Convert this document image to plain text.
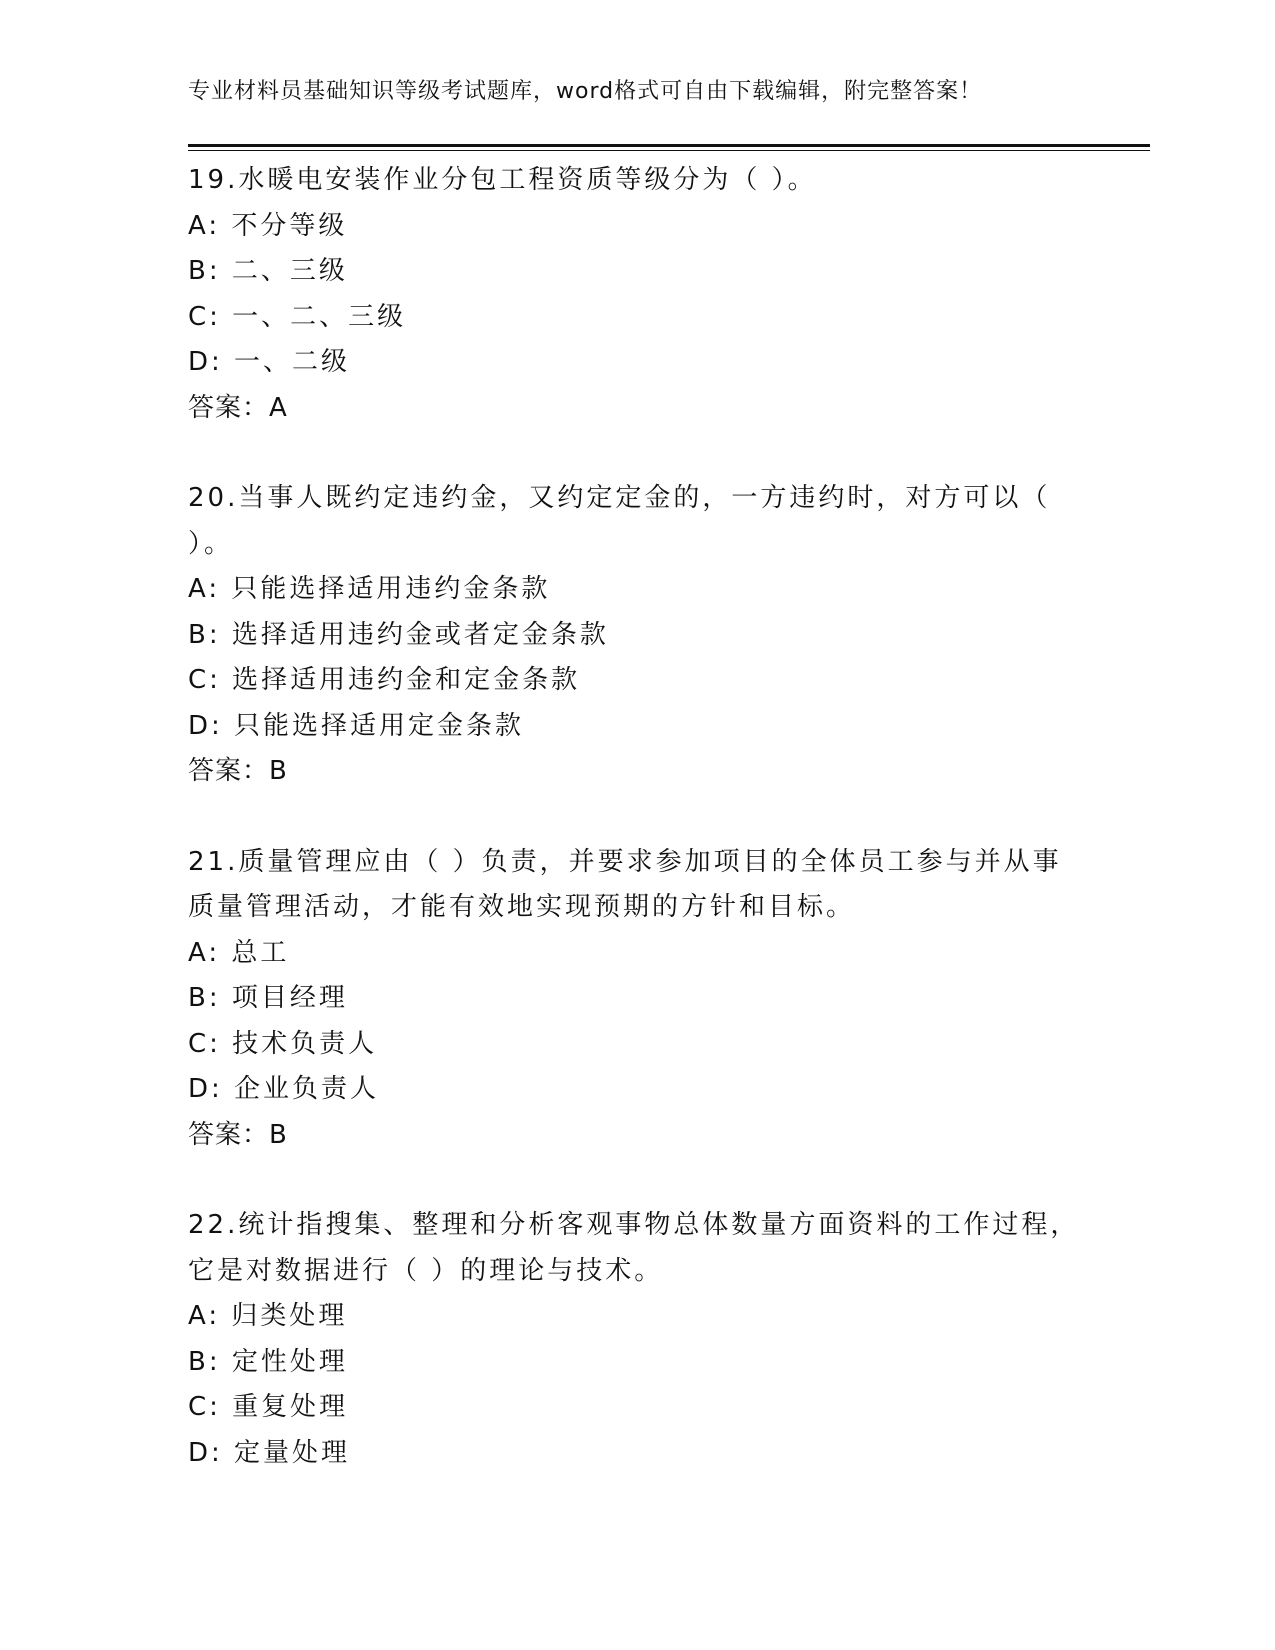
专业材料员基础知识等级考试题库，word格式可自由下载编辑，附完整答案！
19.水暖电安装作业分包工程资质等级分为（ ）。
A: 不分等级
B: 二、三级
C: 一、二、三级
D: 一、二级
答案：A
20.当事人既约定违约金，又约定定金的，一方违约时，对方可以（
）。
A: 只能选择适用违约金条款
B: 选择适用违约金或者定金条款
C: 选择适用违约金和定金条款
D: 只能选择适用定金条款
答案：B
21.质量管理应由（ ）负责，并要求参加项目的全体员工参与并从事
质量管理活动，才能有效地实现预期的方针和目标。
A: 总工
B: 项目经理
C: 技术负责人
D: 企业负责人
答案：B
22.统计指搜集、整理和分析客观事物总体数量方面资料的工作过程，
它是对数据进行（ ）的理论与技术。
A: 归类处理
B: 定性处理
C: 重复处理
D: 定量处理
